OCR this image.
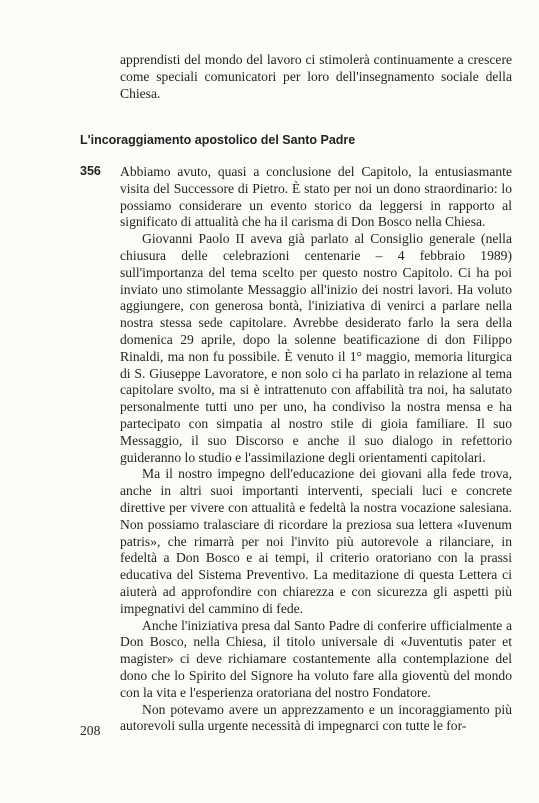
apprendisti del mondo del lavoro ci stimolerà continuamente a crescere come speciali comunicatori per loro dell'insegnamento sociale della Chiesa.

L'incoraggiamento apostolico del Santo Padre
356 Abbiamo avuto, quasi a conclusione del Capitolo, la entusiasmante visita del Successore di Pietro. È stato per noi un dono straordinario: lo possiamo considerare un evento storico da leggersi in rapporto al significato di attualità che ha il carisma di Don Bosco nella Chiesa.

Giovanni Paolo II aveva già parlato al Consiglio generale (nella chiusura delle celebrazioni centenarie – 4 febbraio 1989) sull'importanza del tema scelto per questo nostro Capitolo. Ci ha poi inviato uno stimolante Messaggio all'inizio dei nostri lavori. Ha voluto aggiungere, con generosa bontà, l'iniziativa di venirci a parlare nella nostra stessa sede capitolare. Avrebbe desiderato farlo la sera della domenica 29 aprile, dopo la solenne beatificazione di don Filippo Rinaldi, ma non fu possibile. È venuto il 1° maggio, memoria liturgica di S. Giuseppe Lavoratore, e non solo ci ha parlato in relazione al tema capitolare svolto, ma si è intrattenuto con affabilità tra noi, ha salutato personalmente tutti uno per uno, ha condiviso la nostra mensa e ha partecipato con simpatia al nostro stile di gioia familiare. Il suo Messaggio, il suo Discorso e anche il suo dialogo in refettorio guideranno lo studio e l'assimilazione degli orientamenti capitolari.

Ma il nostro impegno dell'educazione dei giovani alla fede trova, anche in altri suoi importanti interventi, speciali luci e concrete direttive per vivere con attualità e fedeltà la nostra vocazione salesiana. Non possiamo tralasciare di ricordare la preziosa sua lettera «Iuvenum patris», che rimarrà per noi l'invito più autorevole a rilanciare, in fedeltà a Don Bosco e ai tempi, il criterio oratoriano con la prassi educativa del Sistema Preventivo. La meditazione di questa Lettera ci aiuterà ad approfondire con chiarezza e con sicurezza gli aspetti più impegnativi del cammino di fede.

Anche l'iniziativa presa dal Santo Padre di conferire ufficialmente a Don Bosco, nella Chiesa, il titolo universale di «Juventutis pater et magister» ci deve richiamare costantemente alla contemplazione del dono che lo Spirito del Signore ha voluto fare alla gioventù del mondo con la vita e l'esperienza oratoriana del nostro Fondatore.

Non potevamo avere un apprezzamento e un incoraggiamento più autorevoli sulla urgente necessità di impegnarci con tutte le for-

208
